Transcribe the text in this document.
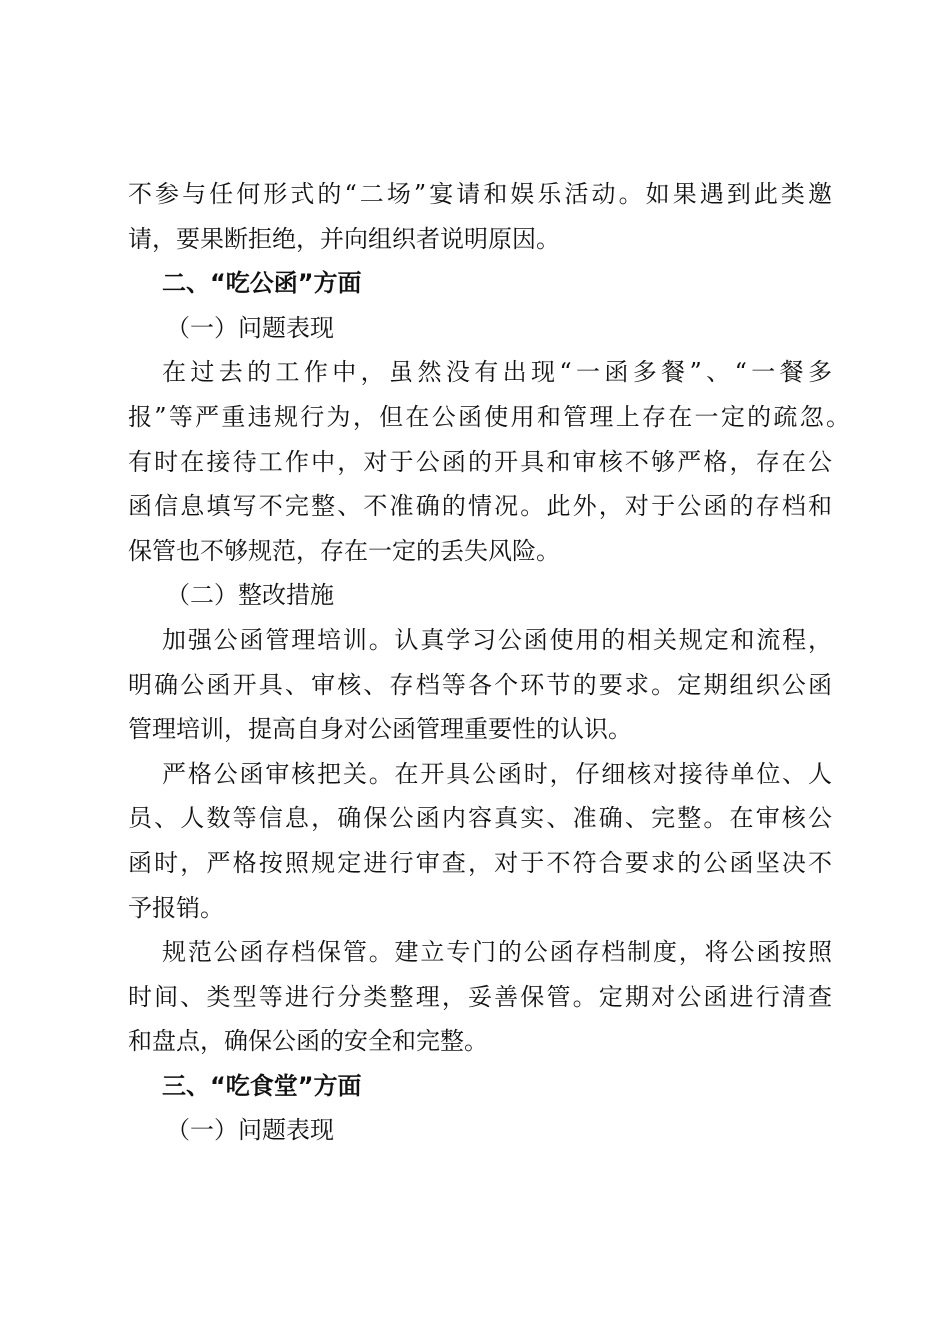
不参与任何形式的“二场”宴请和娱乐活动。如果遇到此类邀
请，要果断拒绝，并向组织者说明原因。
二、“吃公函”方面
（一）问题表现
在过去的工作中，虽然没有出现“一函多餐”、“一餐多
报”等严重违规行为，但在公函使用和管理上存在一定的疏忽。
有时在接待工作中，对于公函的开具和审核不够严格，存在公
函信息填写不完整、不准确的情况。此外，对于公函的存档和
保管也不够规范，存在一定的丢失风险。
（二）整改措施
加强公函管理培训。认真学习公函使用的相关规定和流程，
明确公函开具、审核、存档等各个环节的要求。定期组织公函
管理培训，提高自身对公函管理重要性的认识。
严格公函审核把关。在开具公函时，仔细核对接待单位、人
员、人数等信息，确保公函内容真实、准确、完整。在审核公
函时，严格按照规定进行审查，对于不符合要求的公函坚决不
予报销。
规范公函存档保管。建立专门的公函存档制度，将公函按照
时间、类型等进行分类整理，妥善保管。定期对公函进行清查
和盘点，确保公函的安全和完整。
三、“吃食堂”方面
（一）问题表现
